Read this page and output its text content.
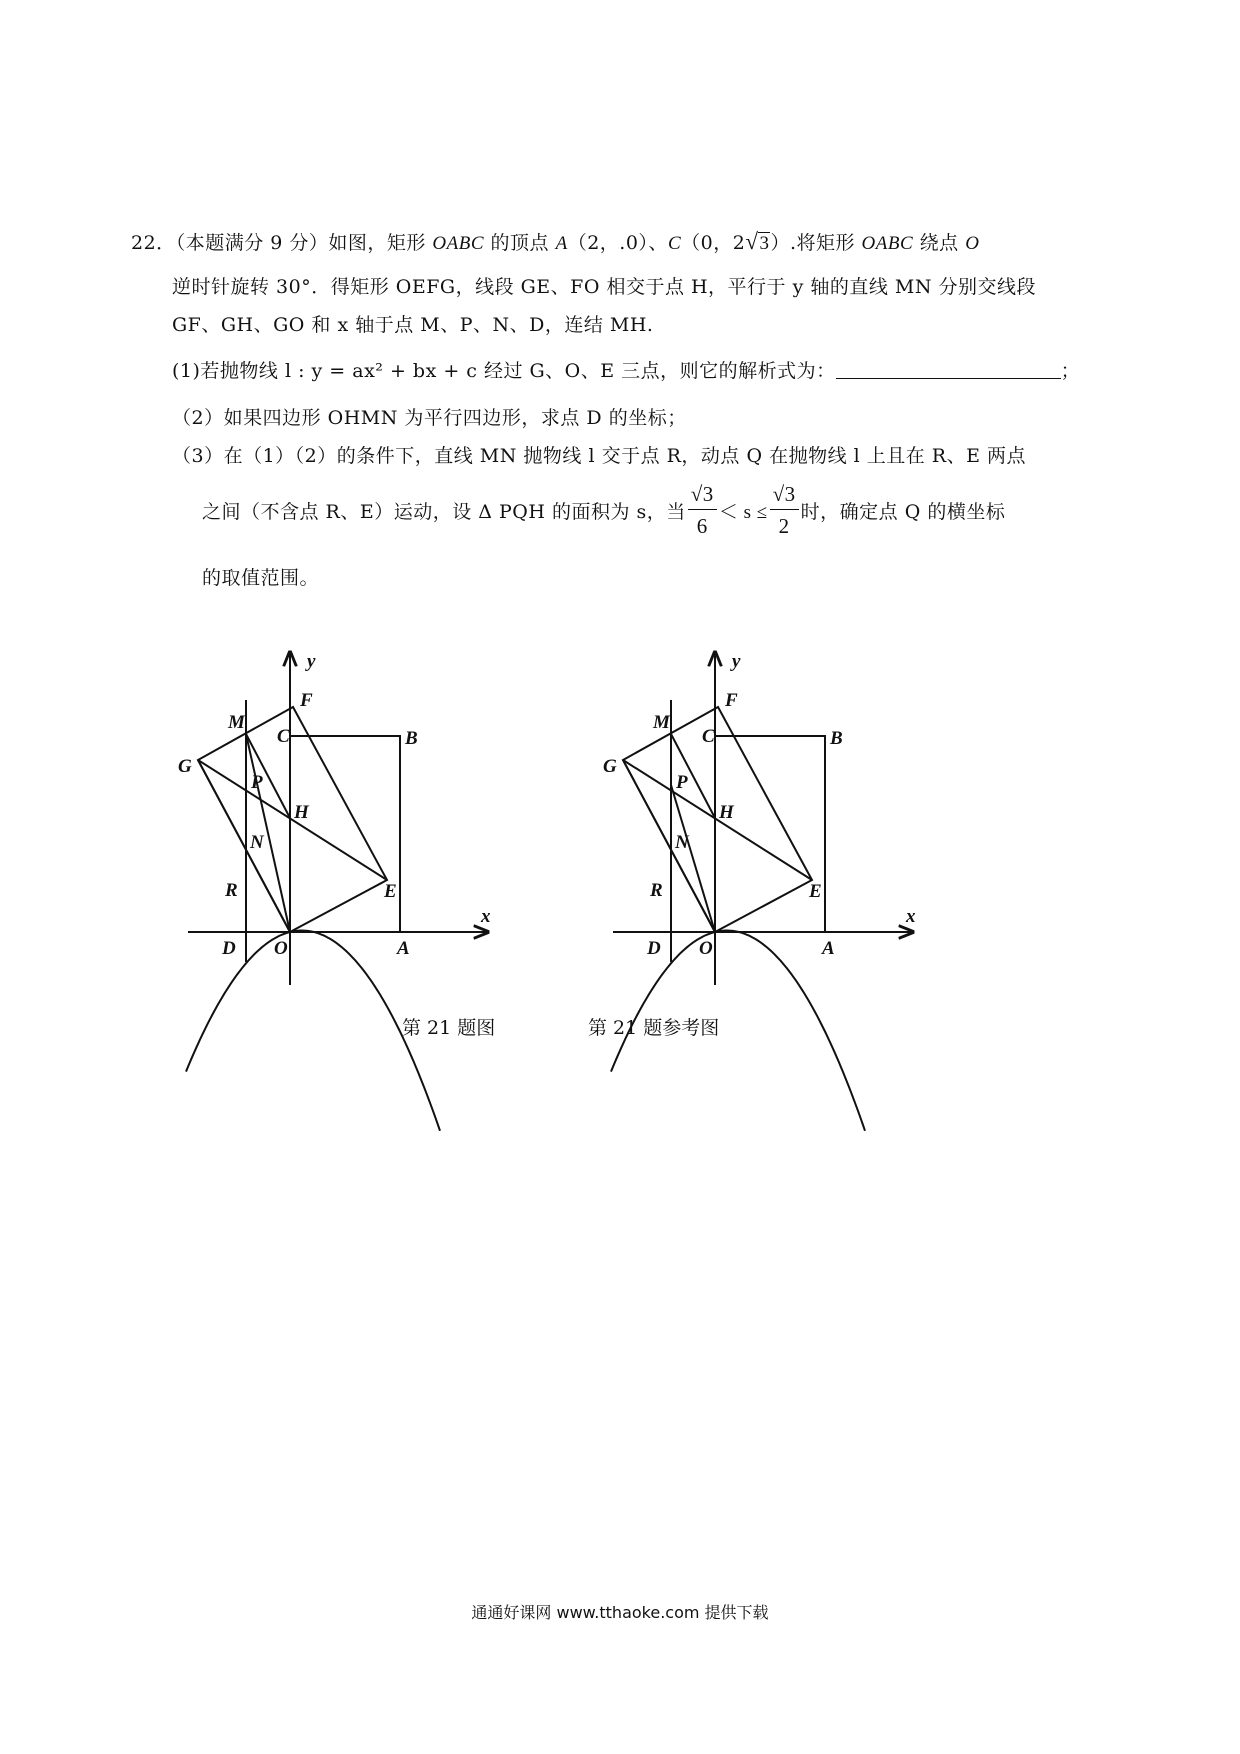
22．（本题满分 9 分）如图，矩形 OABC 的顶点 A（2，.0）、C（0，2√3）.将矩形 OABC 绕点 O
逆时针旋转 30°．得矩形 OEFG，线段 GE、FO 相交于点 H，平行于 y 轴的直线 MN 分别交线段
GF、GH、GO 和 x 轴于点 M、P、N、D，连结 MH.
(1)若抛物线 l : y = ax² + bx + c 经过 G、O、E 三点，则它的解析式为：	；
（2）如果四边形 OHMN 为平行四边形，求点 D 的坐标；
（3）在（1）（2）的条件下，直线 MN 抛物线 l 交于点 R，动点 Q 在抛物线 l 上且在 R、E 两点
之间（不含点 R、E）运动，设 Δ PQH 的面积为 s，当 $\frac{√3}{6} < s \le \frac{√3}{2}$ 时，确定点 Q 的横坐标
的取值范围。
y
x
F
M
C	B
G
P
H
N
E
R
D O	A
y
x
F
M
C	B
G
P
H
N
E
R
D O	A
第 21 题图	第 21 题参考图
通通好课网 www.tthaoke.com 提供下载
